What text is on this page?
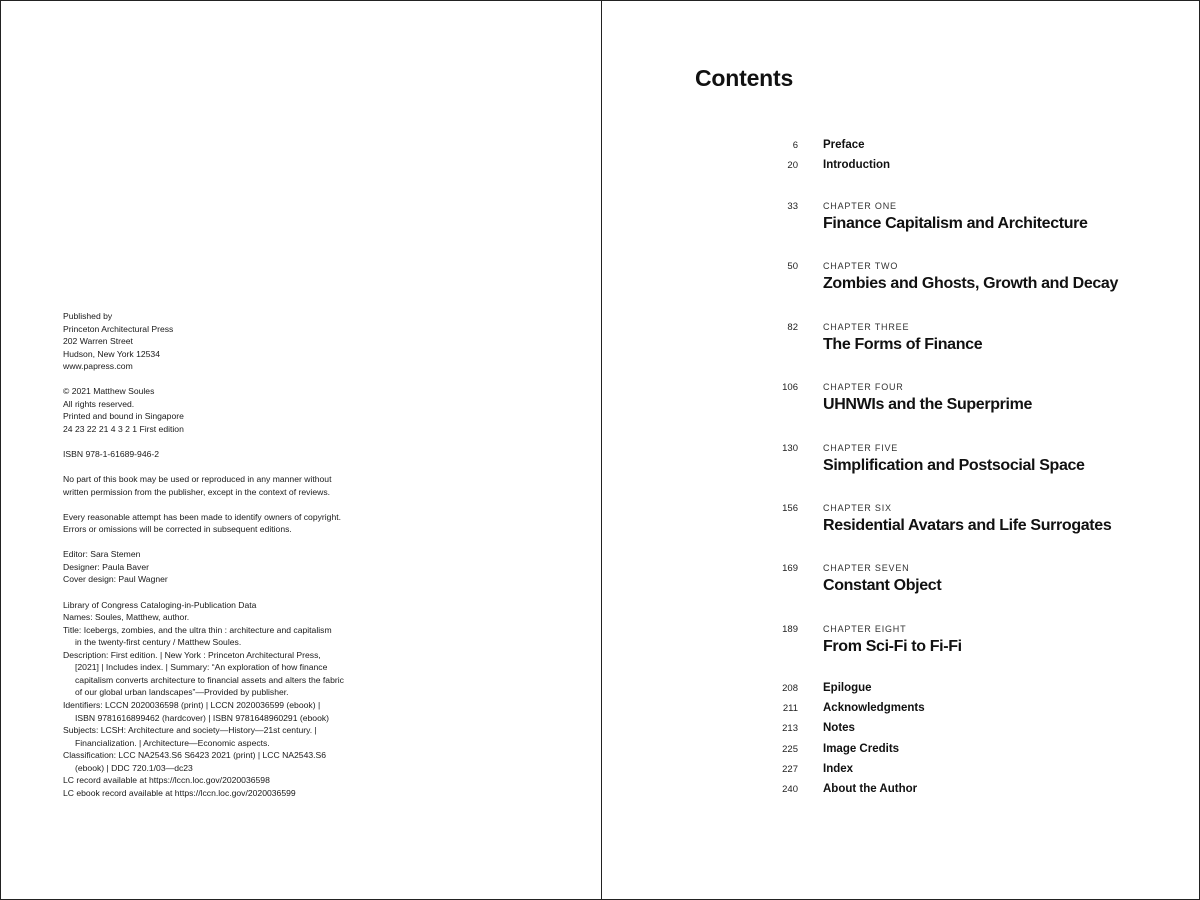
Published by
Princeton Architectural Press
202 Warren Street
Hudson, New York 12534
www.papress.com
© 2021 Matthew Soules
All rights reserved.
Printed and bound in Singapore
24 23 22 21 4 3 2 1 First edition
ISBN 978-1-61689-946-2
No part of this book may be used or reproduced in any manner without
written permission from the publisher, except in the context of reviews.
Every reasonable attempt has been made to identify owners of copyright.
Errors or omissions will be corrected in subsequent editions.
Editor: Sara Stemen
Designer: Paula Baver
Cover design: Paul Wagner
Library of Congress Cataloging-in-Publication Data
Names: Soules, Matthew, author.
Title: Icebergs, zombies, and the ultra thin : architecture and capitalism
in the twenty-first century / Matthew Soules.
Description: First edition. | New York : Princeton Architectural Press,
[2021] | Includes index. | Summary: “An exploration of how finance
capitalism converts architecture to financial assets and alters the fabric
of our global urban landscapes”—Provided by publisher.
Identifiers: LCCN 2020036598 (print) | LCCN 2020036599 (ebook) |
ISBN 9781616899462 (hardcover) | ISBN 9781648960291 (ebook)
Subjects: LCSH: Architecture and society—History—21st century. |
Financialization. | Architecture—Economic aspects.
Classification: LCC NA2543.S6 S6423 2021 (print) | LCC NA2543.S6
(ebook) | DDC 720.1/03—dc23
LC record available at https://lccn.loc.gov/2020036598
LC ebook record available at https://lccn.loc.gov/2020036599
Contents
6 Preface
20 Introduction
33	CHAPTER ONE
Finance Capitalism and Architecture
50	CHAPTER TWO
Zombies and Ghosts, Growth and Decay
82	CHAPTER THREE
The Forms of Finance
106	CHAPTER FOUR
UHNWIs and the Superprime
130	CHAPTER FIVE
Simplification and Postsocial Space
156	CHAPTER SIX
Residential Avatars and Life Surrogates
169	CHAPTER SEVEN
Constant Object
189	CHAPTER EIGHT
From Sci-Fi to Fi-Fi
208 Epilogue
211 Acknowledgments
213 Notes
225 Image Credits
227 Index
240 About the Author
